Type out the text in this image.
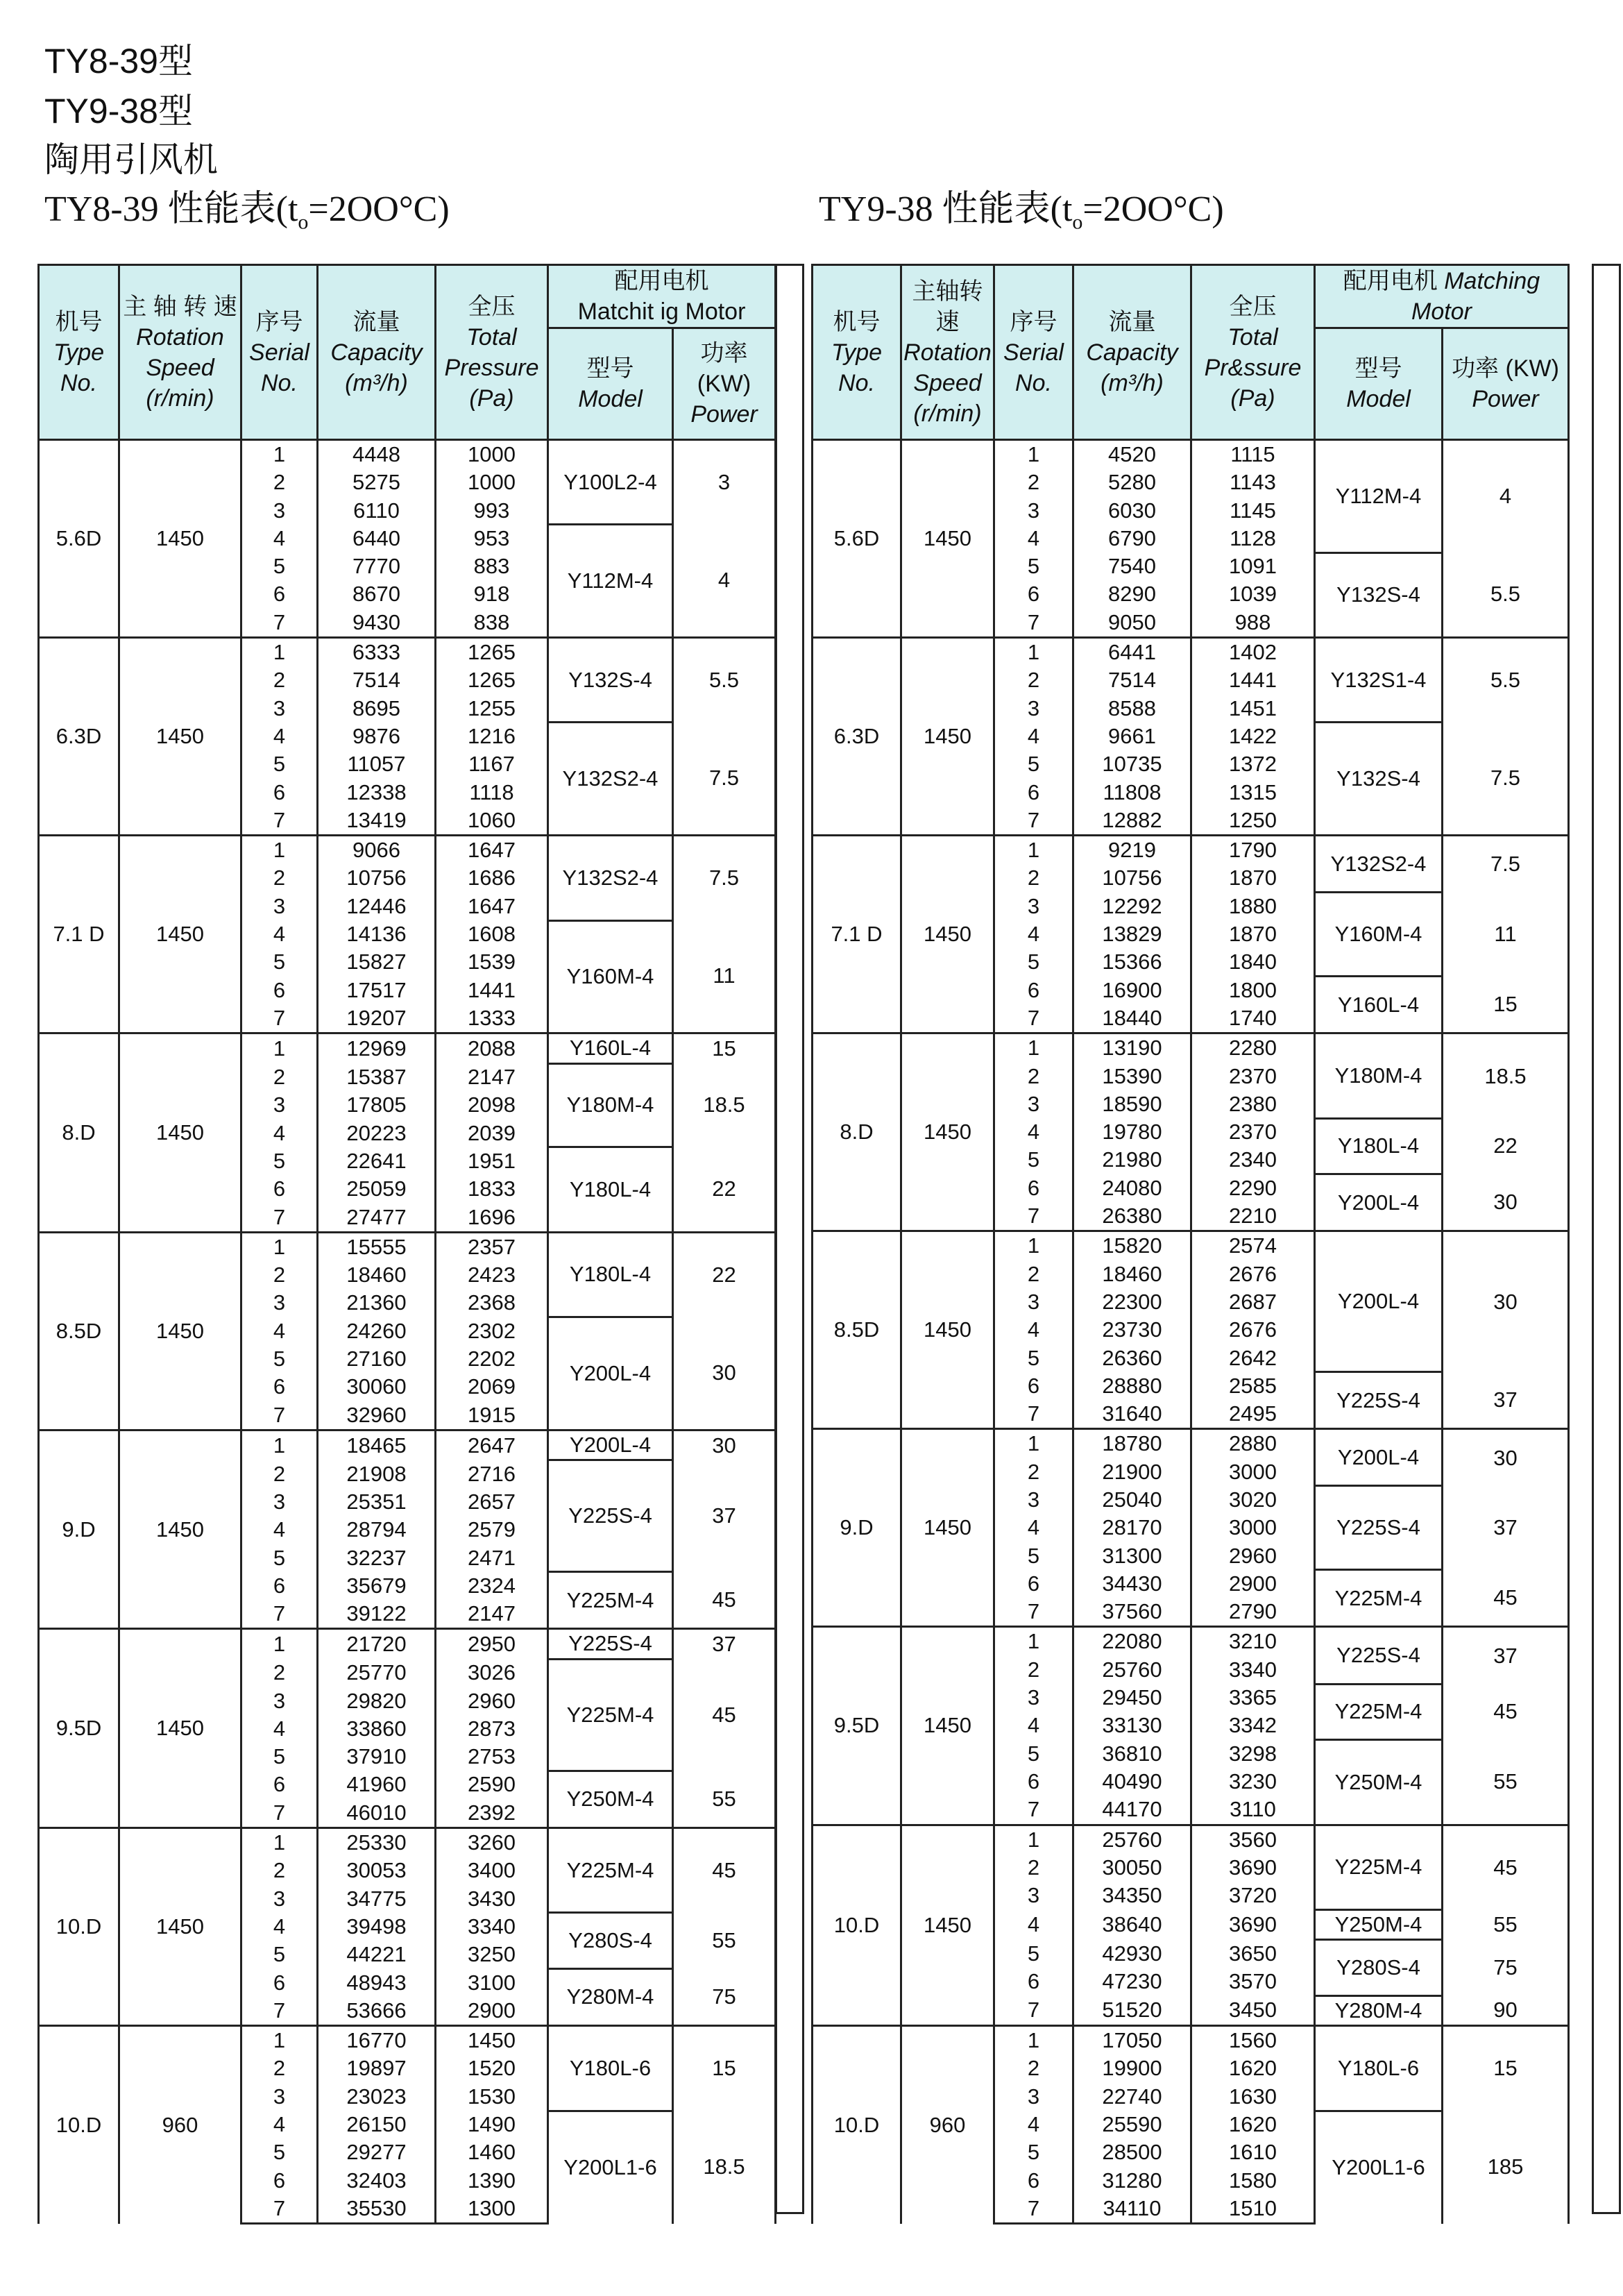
TY8-39型
TY9-38型
陶用引风机
TY8-39 性能表$(t_o=2OO^\circ C)$	TY9-38 性能表$(t_o=2OO^\circ C)$
机号
Type
No.	主 轴 转 速
Rotation
Speed
(r/min)	序号
Serial
No.	流量
Capacity
(m³/h)	全压
Total
Pressure
(Pa)	配用电机
Matchit ig Motor	
					型号
Model	功率(KW)
Power
5.6D	1450	1	4448	1000	Y100L2-4	3
		2	5275	1000		
		3	6110	993		
		4	6440	953	Y112M-4	4
		5	7770	883		
		6	8670	918		
		7	9430	838		
6.3D	1450	1	6333	1265	Y132S-4	5.5
		2	7514	1265		
		3	8695	1255		
		4	9876	1216	Y132S2-4	7.5
		5	11057	1167		
		6	12338	1118		
		7	13419	1060		
7.1 D	1450	1	9066	1647	Y132S2-4	7.5
		2	10756	1686		
		3	12446	1647		
		4	14136	1608	Y160M-4	11
		5	15827	1539		
		6	17517	1441		
		7	19207	1333		
8.D	1450	1	12969	2088	Y160L-4	15
		2	15387	2147	Y180M-4	18.5
		3	17805	2098		
		4	20223	2039		
		5	22641	1951	Y180L-4	22
		6	25059	1833		
		7	27477	1696		
8.5D	1450	1	15555	2357	Y180L-4	22
		2	18460	2423		
		3	21360	2368		
		4	24260	2302	Y200L-4	30
		5	27160	2202		
		6	30060	2069		
		7	32960	1915		
9.D	1450	1	18465	2647	Y200L-4	30
		2	21908	2716	Y225S-4	37
		3	25351	2657		
		4	28794	2579		
		5	32237	2471		
		6	35679	2324	Y225M-4	45
		7	39122	2147		
9.5D	1450	1	21720	2950	Y225S-4	37
		2	25770	3026	Y225M-4	45
		3	29820	2960		
		4	33860	2873		
		5	37910	2753		
		6	41960	2590	Y250M-4	55
		7	46010	2392		
10.D	1450	1	25330	3260	Y225M-4	45
		2	30053	3400		
		3	34775	3430		
		4	39498	3340	Y280S-4	55
		5	44221	3250		
		6	48943	3100	Y280M-4	75
		7	53666	2900		
10.D	960	1	16770	1450	Y180L-6	15
		2	19897	1520		
		3	23023	1530		
		4	26150	1490	Y200L1-6	18.5
		5	29277	1460		
		6	32403	1390		
		7	35530	1300		
机号
Type
No.	主轴转速
Rotation
Speed
(r/min)	序号
Serial
No.	流量
Capacity
(m³/h)	全压
Total
Pr&ssure
(Pa)	配用电机 Matching
Motor	
					型号
Model	功率 (KW)
Power
5.6D	1450	1	4520	1115	Y112M-4	4
		2	5280	1143		
		3	6030	1145		
		4	6790	1128		
		5	7540	1091	Y132S-4	5.5
		6	8290	1039		
		7	9050	988		
6.3D	1450	1	6441	1402	Y132S1-4	5.5
		2	7514	1441		
		3	8588	1451		
		4	9661	1422	Y132S-4	7.5
		5	10735	1372		
		6	11808	1315		
		7	12882	1250		
7.1 D	1450	1	9219	1790	Y132S2-4	7.5
		2	10756	1870		
		3	12292	1880	Y160M-4	11
		4	13829	1870		
		5	15366	1840		
		6	16900	1800	Y160L-4	15
		7	18440	1740		
8.D	1450	1	13190	2280	Y180M-4	18.5
		2	15390	2370		
		3	18590	2380		
		4	19780	2370	Y180L-4	22
		5	21980	2340		
		6	24080	2290	Y200L-4	30
		7	26380	2210		
8.5D	1450	1	15820	2574	Y200L-4	30
		2	18460	2676		
		3	22300	2687		
		4	23730	2676		
		5	26360	2642		
		6	28880	2585	Y225S-4	37
		7	31640	2495		
9.D	1450	1	18780	2880	Y200L-4	30
		2	21900	3000		
		3	25040	3020	Y225S-4	37
		4	28170	3000		
		5	31300	2960		
		6	34430	2900	Y225M-4	45
		7	37560	2790		
9.5D	1450	1	22080	3210	Y225S-4	37
		2	25760	3340		
		3	29450	3365	Y225M-4	45
		4	33130	3342		
		5	36810	3298	Y250M-4	55
		6	40490	3230		
		7	44170	3110		
10.D	1450	1	25760	3560	Y225M-4	45
		2	30050	3690		
		3	34350	3720		
		4	38640	3690	Y250M-4	55
		5	42930	3650	Y280S-4	75
		6	47230	3570		
		7	51520	3450	Y280M-4	90
10.D	960	1	17050	1560	Y180L-6	15
		2	19900	1620		
		3	22740	1630		
		4	25590	1620	Y200L1-6	185
		5	28500	1610		
		6	31280	1580		
		7	34110	1510		
